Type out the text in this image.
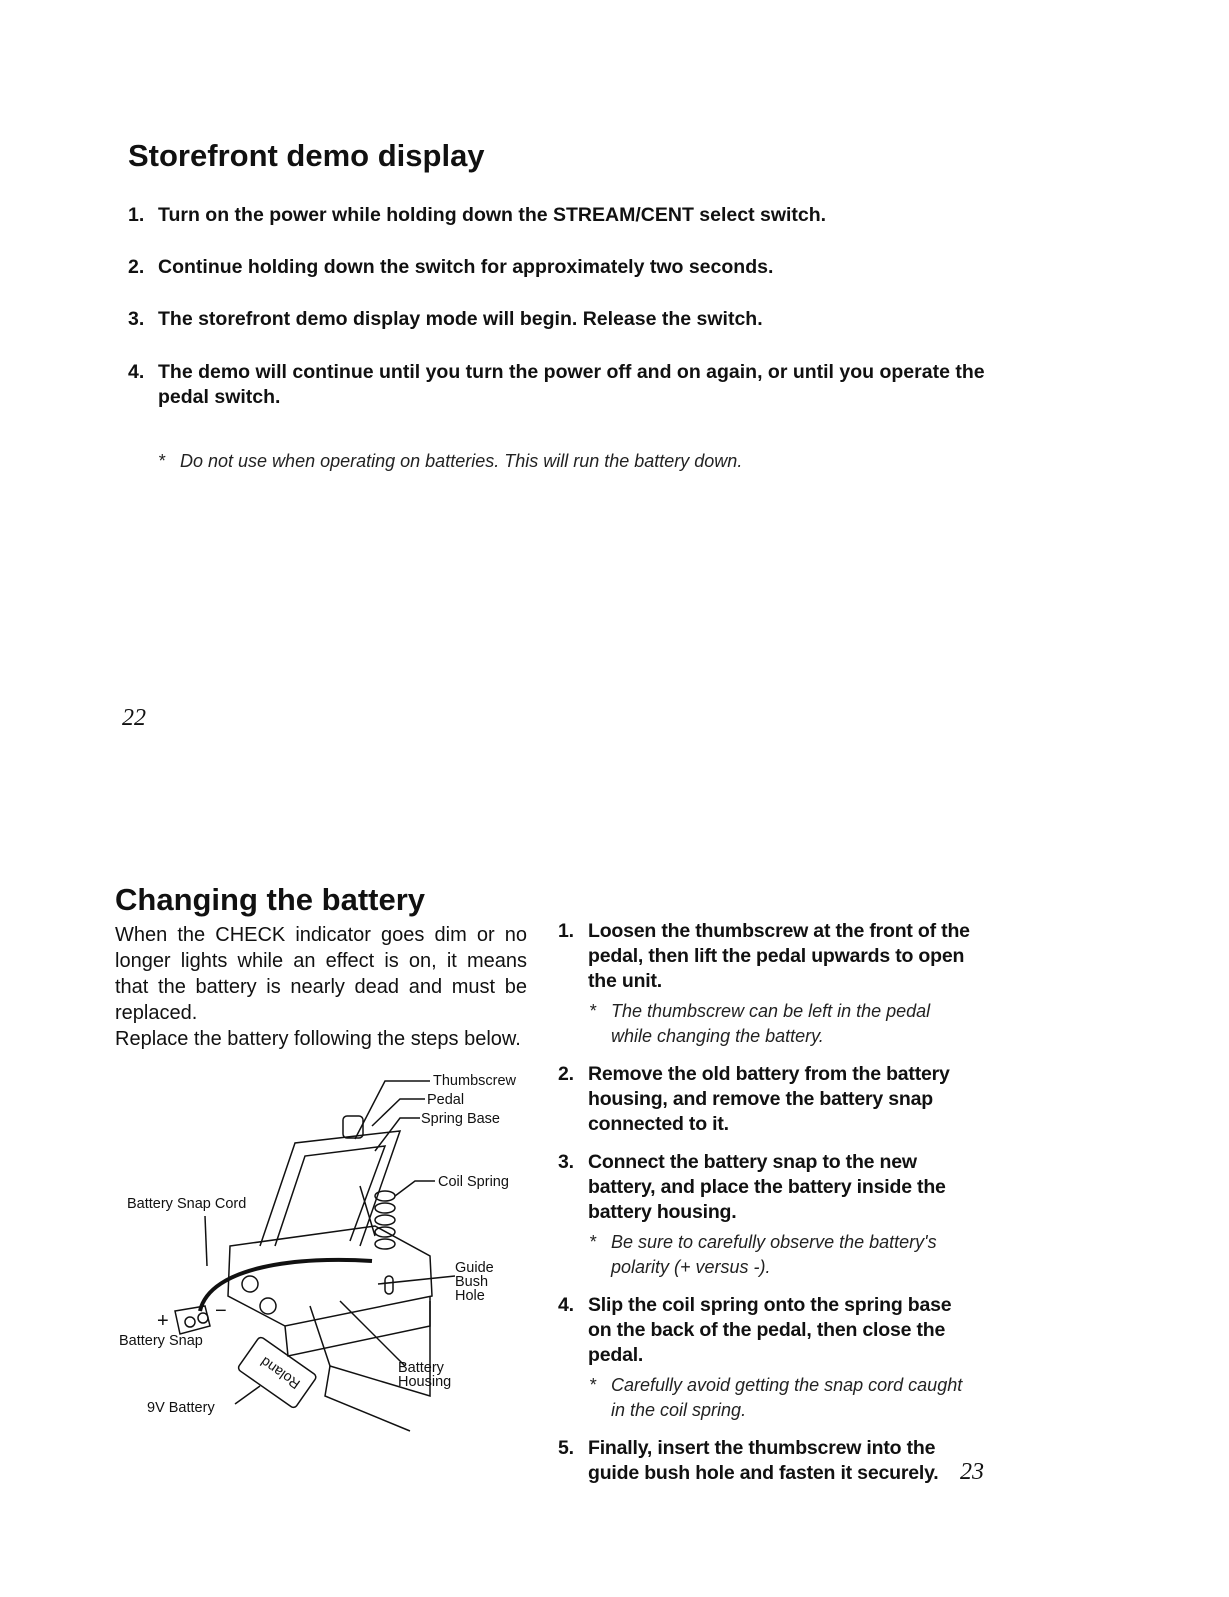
Storefront demo display
1. Turn on the power while holding down the STREAM/CENT select switch.
2. Continue holding down the switch for approximately two seconds.
3. The storefront demo display mode will begin. Release the switch.
4. The demo will continue until you turn the power off and on again, or until you operate the pedal switch.
* Do not use when operating on batteries. This will run the battery down.
22
Changing the battery
When the CHECK indicator goes dim or no longer lights while an effect is on, it means that the battery is nearly dead and must be replaced.
Replace the battery following the steps below.
Roland
Thumbscrew
Pedal
Spring Base
Coil Spring
Battery Snap Cord
Guide Bush Hole
+ −
Battery Snap
Battery Housing
9V Battery
1. Loosen the thumbscrew at the front of the pedal, then lift the pedal upwards to open the unit.
* The thumbscrew can be left in the pedal while changing the battery.
2. Remove the old battery from the battery housing, and remove the battery snap connected to it.
3. Connect the battery snap to the new battery, and place the battery inside the battery housing.
* Be sure to carefully observe the battery's polarity (+ versus -).
4. Slip the coil spring onto the spring base on the back of the pedal, then close the pedal.
* Carefully avoid getting the snap cord caught in the coil spring.
5. Finally, insert the thumbscrew into the guide bush hole and fasten it securely. 23
